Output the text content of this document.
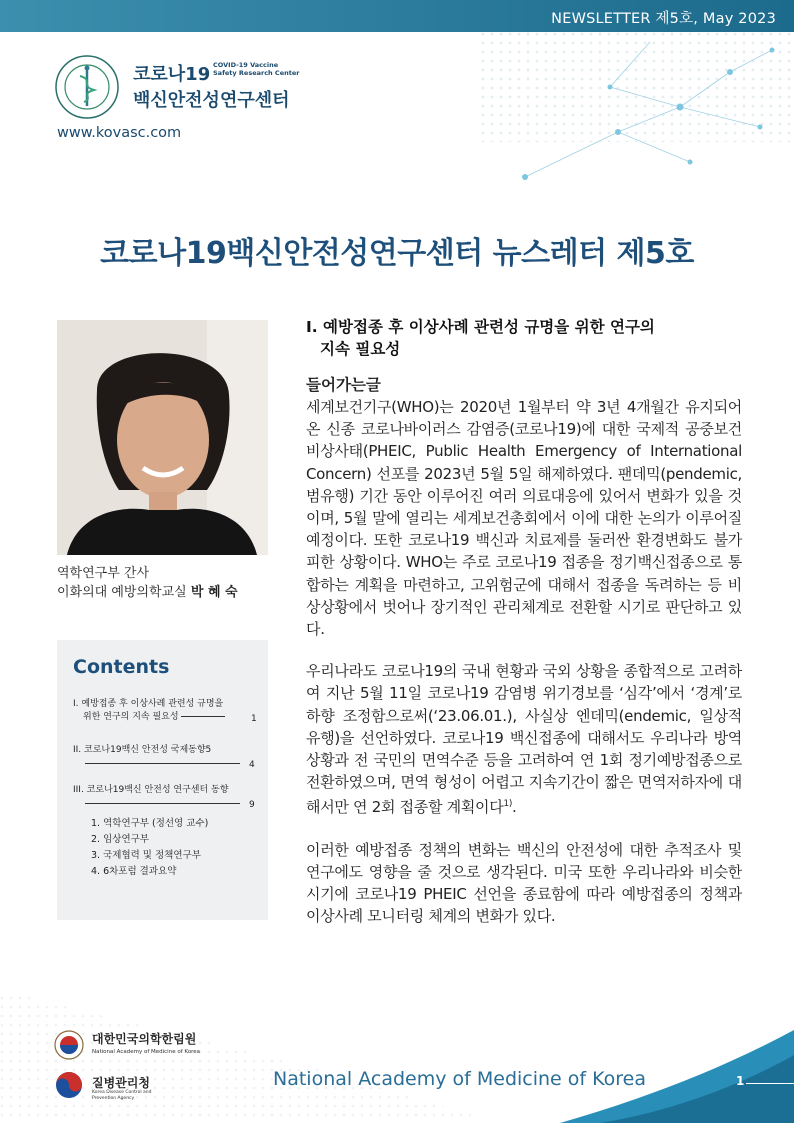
NEWSLETTER 제5호, May 2023
코로나19 COVID-19 Vaccine
Safety Research Center
백신안전성연구센터
www.kovasc.com
코로나19백신안전성연구센터 뉴스레터 제5호
역학연구부 간사
이화의대 예방의학교실 박 혜 숙
Contents
I. 예방접종 후 이상사례 관련성 규명을
위한 연구의 지속 필요성	1
II. 코로나19백신 안전성 국제동향5
4
III. 코로나19백신 안전성 연구센터 동향
9
1. 역학연구부 (정선영 교수)
2. 임상연구부
3. 국제협력 및 정책연구부
4. 6차포럼 결과요약
I. 예방접종 후 이상사례 관련성 규명을 위한 연구의
지속 필요성
들어가는글

세계보건기구(WHO)는 2020년 1월부터 약 3년 4개월간 유지되어 온 신종 코로나바이러스 감염증(코로나19)에 대한 국제적 공중보건 비상사태(PHEIC, Public Health Emergency of International Concern) 선포를 2023년 5월 5일 해제하였다. 팬데믹(pendemic, 범유행) 기간 동안 이루어진 여러 의료대응에 있어서 변화가 있을 것이며, 5월 말에 열리는 세계보건총회에서 이에 대한 논의가 이루어질 예정이다. 또한 코로나19 백신과 치료제를 둘러싼 환경변화도 불가피한 상황이다. WHO는 주로 코로나19 접종을 정기백신접종으로 통합하는 계획을 마련하고, 고위험군에 대해서 접종을 독려하는 등 비상상황에서 벗어나 장기적인 관리체계로 전환할 시기로 판단하고 있다.

우리나라도 코로나19의 국내 현황과 국외 상황을 종합적으로 고려하여 지난 5월 11일 코로나19 감염병 위기경보를 ‘심각’에서 ‘경계’로 하향 조정함으로써(‘23.06.01.), 사실상 엔데믹(endemic, 일상적 유행)을 선언하였다. 코로나19 백신접종에 대해서도 우리나라 방역상황과 전 국민의 면역수준 등을 고려하여 연 1회 정기예방접종으로 전환하였으며, 면역 형성이 어렵고 지속기간이 짧은 면역저하자에 대해서만 연 2회 접종할 계획이다$^{1)}$.

이러한 예방접종 정책의 변화는 백신의 안전성에 대한 추적조사 및 연구에도 영향을 줄 것으로 생각된다. 미국 또한 우리나라와 비슷한 시기에 코로나19 PHEIC 선언을 종료함에 따라 예방접종의 정책과 이상사례 모니터링 체계의 변화가 있다.

대한민국의학한림원
National Academy of Medicine of Korea
질병관리청
Korea Disease Control and
Prevention Agency
National Academy of Medicine of Korea	1
